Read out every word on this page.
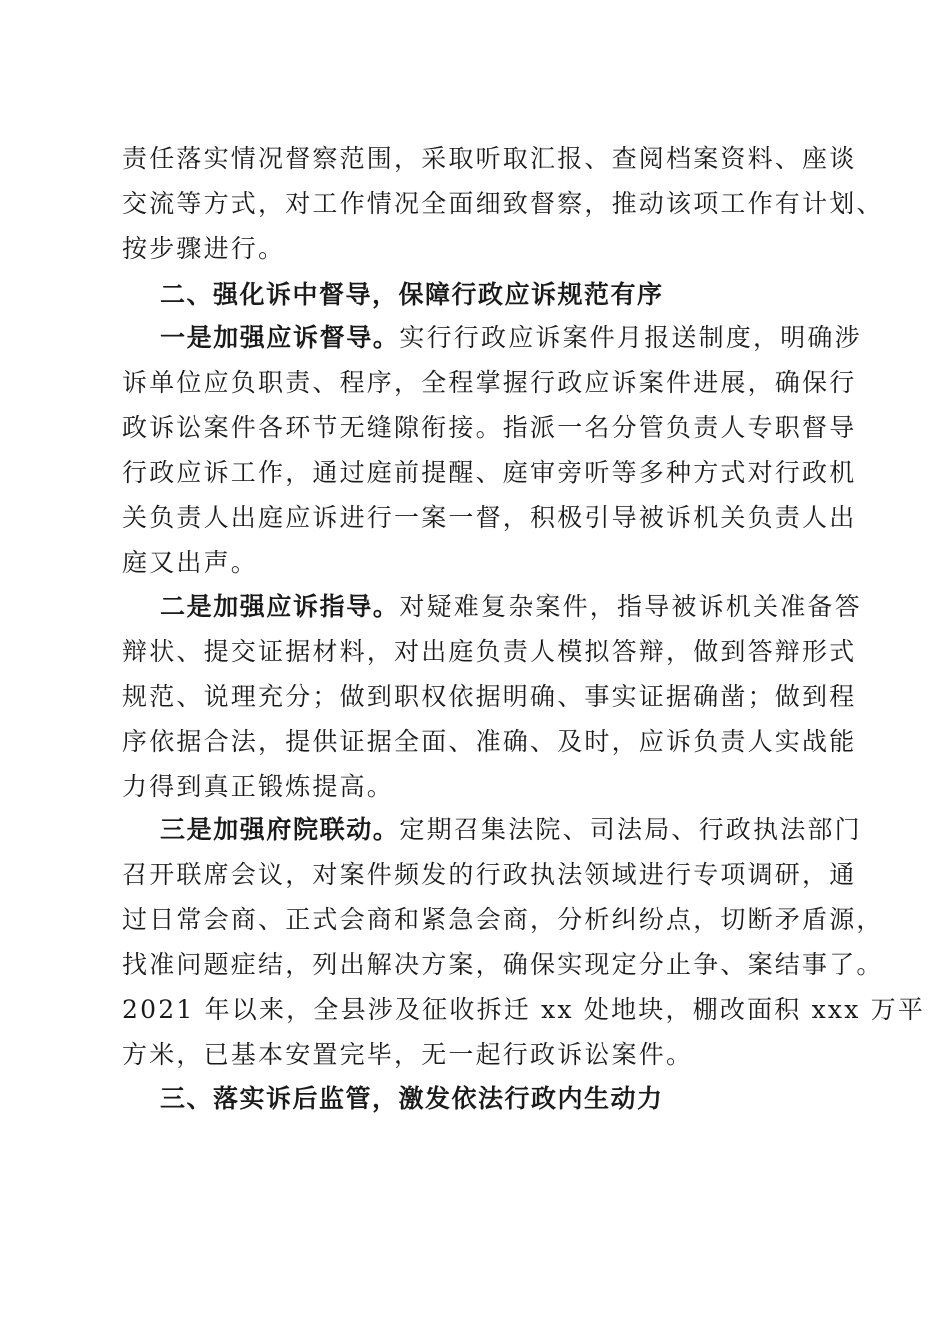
责任落实情况督察范围，采取听取汇报、查阅档案资料、座谈
交流等方式，对工作情况全面细致督察，推动该项工作有计划、
按步骤进行。
二、强化诉中督导，保障行政应诉规范有序
一是加强应诉督导。实行行政应诉案件月报送制度，明确涉
诉单位应负职责、程序，全程掌握行政应诉案件进展，确保行
政诉讼案件各环节无缝隙衔接。指派一名分管负责人专职督导
行政应诉工作，通过庭前提醒、庭审旁听等多种方式对行政机
关负责人出庭应诉进行一案一督，积极引导被诉机关负责人出
庭又出声。
二是加强应诉指导。对疑难复杂案件，指导被诉机关准备答
辩状、提交证据材料，对出庭负责人模拟答辩，做到答辩形式
规范、说理充分；做到职权依据明确、事实证据确凿；做到程
序依据合法，提供证据全面、准确、及时，应诉负责人实战能
力得到真正锻炼提高。
三是加强府院联动。定期召集法院、司法局、行政执法部门
召开联席会议，对案件频发的行政执法领域进行专项调研，通
过日常会商、正式会商和紧急会商，分析纠纷点，切断矛盾源，
找准问题症结，列出解决方案，确保实现定分止争、案结事了。
2021 年以来，全县涉及征收拆迁 xx 处地块，棚改面积 xxx 万平
方米，已基本安置完毕，无一起行政诉讼案件。
三、落实诉后监管，激发依法行政内生动力
